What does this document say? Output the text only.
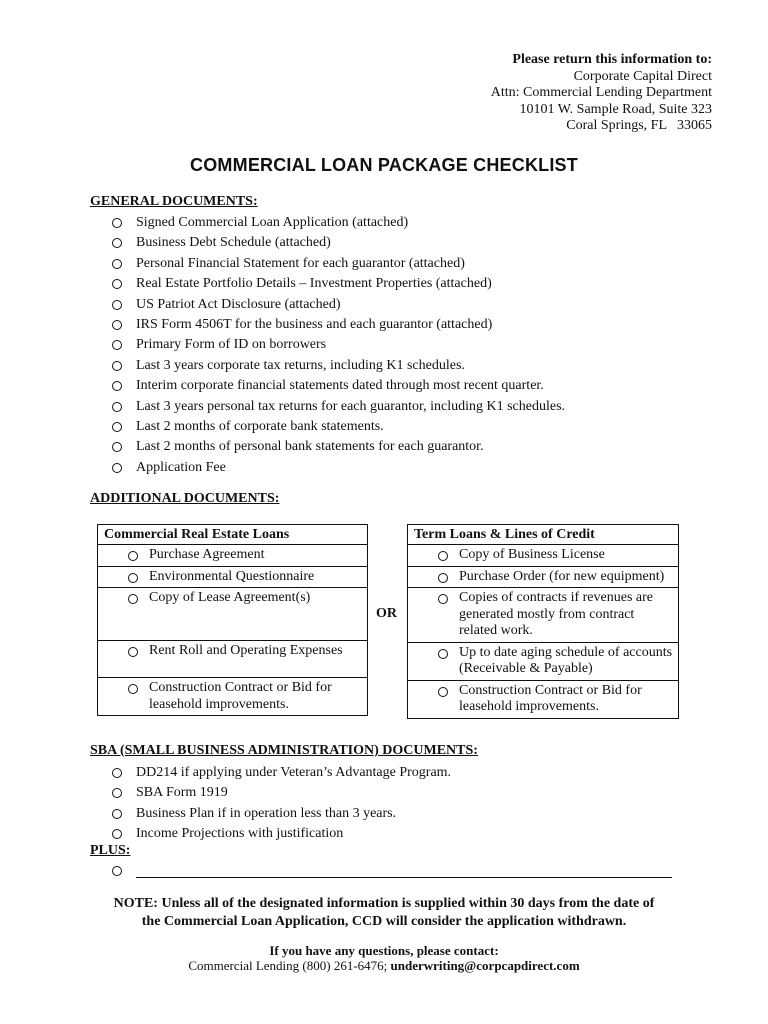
Please return this information to:
Corporate Capital Direct
Attn: Commercial Lending Department
10101 W. Sample Road, Suite 323
Coral Springs, FL   33065
COMMERCIAL LOAN PACKAGE CHECKLIST
GENERAL DOCUMENTS:
Signed Commercial Loan Application (attached)
Business Debt Schedule (attached)
Personal Financial Statement for each guarantor (attached)
Real Estate Portfolio Details – Investment Properties (attached)
US Patriot Act Disclosure (attached)
IRS Form 4506T for the business and each guarantor (attached)
Primary Form of ID on borrowers
Last 3 years corporate tax returns, including K1 schedules.
Interim corporate financial statements dated through most recent quarter.
Last 3 years personal tax returns for each guarantor, including K1 schedules.
Last 2 months of corporate bank statements.
Last 2 months of personal bank statements for each guarantor.
Application Fee
ADDITIONAL DOCUMENTS:
Commercial Real Estate Loans

Purchase Agreement

Environmental Questionnaire

Copy of Lease Agreement(s)

Rent Roll and Operating Expenses

Construction Contract or Bid for leasehold improvements.
OR
Term Loans & Lines of Credit

Copy of Business License

Purchase Order (for new equipment)

Copies of contracts if revenues are generated mostly from contract related work.

Up to date aging schedule of accounts (Receivable & Payable)

Construction Contract or Bid for leasehold improvements.
SBA (SMALL BUSINESS ADMINISTRATION) DOCUMENTS:
DD214 if applying under Veteran’s Advantage Program.
SBA Form 1919
Business Plan if in operation less than 3 years.
Income Projections with justification
PLUS:
NOTE: Unless all of the designated information is supplied within 30 days from the date of
the Commercial Loan Application, CCD will consider the application withdrawn.
If you have any questions, please contact:
Commercial Lending (800) 261-6476; underwriting@corpcapdirect.com
